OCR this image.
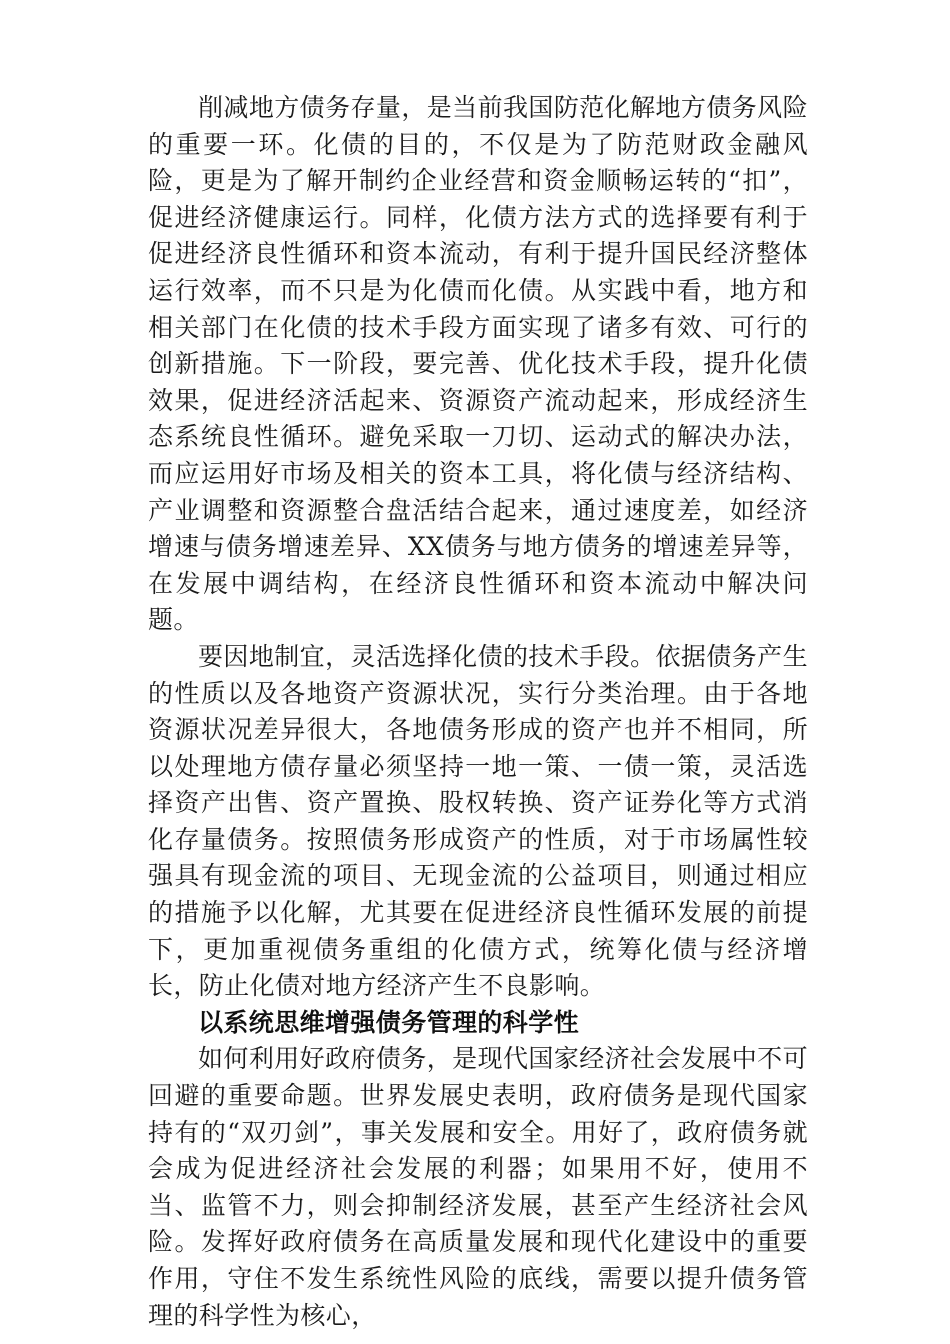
削减地方债务存量，是当前我国防范化解地方债务风险的重要一环。化债的目的，不仅是为了防范财政金融风险，更是为了解开制约企业经营和资金顺畅运转的“扣”，促进经济健康运行。同样，化债方法方式的选择要有利于促进经济良性循环和资本流动，有利于提升国民经济整体运行效率，而不只是为化债而化债。从实践中看，地方和相关部门在化债的技术手段方面实现了诸多有效、可行的创新措施。下一阶段，要完善、优化技术手段，提升化债效果，促进经济活起来、资源资产流动起来，形成经济生态系统良性循环。避免采取一刀切、运动式的解决办法，而应运用好市场及相关的资本工具，将化债与经济结构、产业调整和资源整合盘活结合起来，通过速度差，如经济增速与债务增速差异、XX债务与地方债务的增速差异等，在发展中调结构，在经济良性循环和资本流动中解决问题。

要因地制宜，灵活选择化债的技术手段。依据债务产生的性质以及各地资产资源状况，实行分类治理。由于各地资源状况差异很大，各地债务形成的资产也并不相同，所以处理地方债存量必须坚持一地一策、一债一策，灵活选择资产出售、资产置换、股权转换、资产证券化等方式消化存量债务。按照债务形成资产的性质，对于市场属性较强具有现金流的项目、无现金流的公益项目，则通过相应的措施予以化解，尤其要在促进经济良性循环发展的前提下，更加重视债务重组的化债方式，统筹化债与经济增长，防止化债对地方经济产生不良影响。

以系统思维增强债务管理的科学性

如何利用好政府债务，是现代国家经济社会发展中不可回避的重要命题。世界发展史表明，政府债务是现代国家持有的“双刃剑”，事关发展和安全。用好了，政府债务就会成为促进经济社会发展的利器；如果用不好，使用不当、监管不力，则会抑制经济发展，甚至产生经济社会风险。发挥好政府债务在高质量发展和现代化建设中的重要作用，守住不发生系统性风险的底线，需要以提升债务管理的科学性为核心，
